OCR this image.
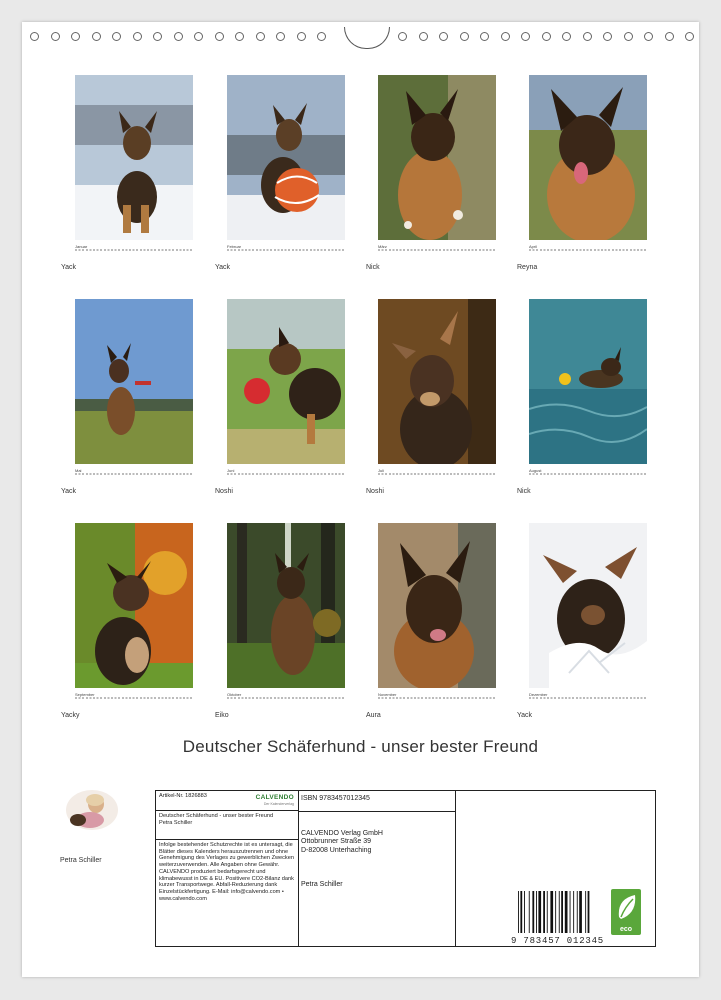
Januar
Yack
Februar
Yack
März
Nick
April
Reyna
Mai
Yack
Juni
Noshi
Juli
Noshi
August
Nick
September
Yacky
Oktober
Eiko
November
Aura
Dezember
Yack
Deutscher Schäferhund - unser bester Freund
Petra Schiller
Artikel-Nr. 1826883	CALVENDO
Der Kalenderverlag
Deutscher Schäferhund - unser bester Freund
Petra Schiller
Infolge bestehender Schutzrechte ist es untersagt, die Blätter dieses Kalenders herauszutrennen und ohne Genehmigung des Verlages zu gewerblichen Zwecken weiterzuverwenden. Alle Angaben ohne Gewähr. CALVENDO produziert bedarfsgerecht und klimabewusst in DE & EU. Positivere CO2-Bilanz dank kurzer Transportwege. Abfall-Reduzierung dank Einzelstückfertigung. E-Mail: info@calvendo.com • www.calvendo.com
ISBN 9783457012345
CALVENDO Verlag GmbH
Ottobrunner Straße 39
D-82008 Unterhaching
Petra Schiller
9 783457 012345
eco
